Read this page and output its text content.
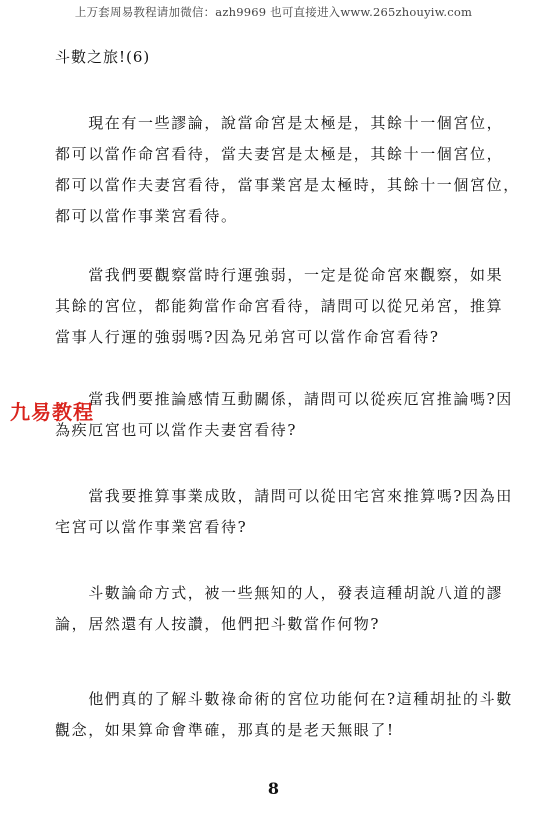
上万套周易教程请加微信：azh9969 也可直接进入www.265zhouyiw.com
斗數之旅!(6)
　　現在有一些謬論，說當命宮是太極是，其餘十一個宮位，
都可以當作命宮看待，當夫妻宮是太極是，其餘十一個宮位，
都可以當作夫妻宮看待，當事業宮是太極時，其餘十一個宮位，
都可以當作事業宮看待。
　　當我們要觀察當時行運強弱，一定是從命宮來觀察，如果
其餘的宮位，都能夠當作命宮看待，請問可以從兄弟宮，推算
當事人行運的強弱嗎?因為兄弟宮可以當作命宮看待?
　　當我們要推論感情互動關係，請問可以從疾厄宮推論嗎?因
為疾厄宮也可以當作夫妻宮看待?
九易教程
　　當我要推算事業成敗，請問可以從田宅宮來推算嗎?因為田
宅宮可以當作事業宮看待?
　　斗數論命方式，被一些無知的人，發表這種胡說八道的謬
論，居然還有人按讚，他們把斗數當作何物?
　　他們真的了解斗數祿命術的宮位功能何在?這種胡扯的斗數
觀念，如果算命會準確，那真的是老天無眼了!
8
